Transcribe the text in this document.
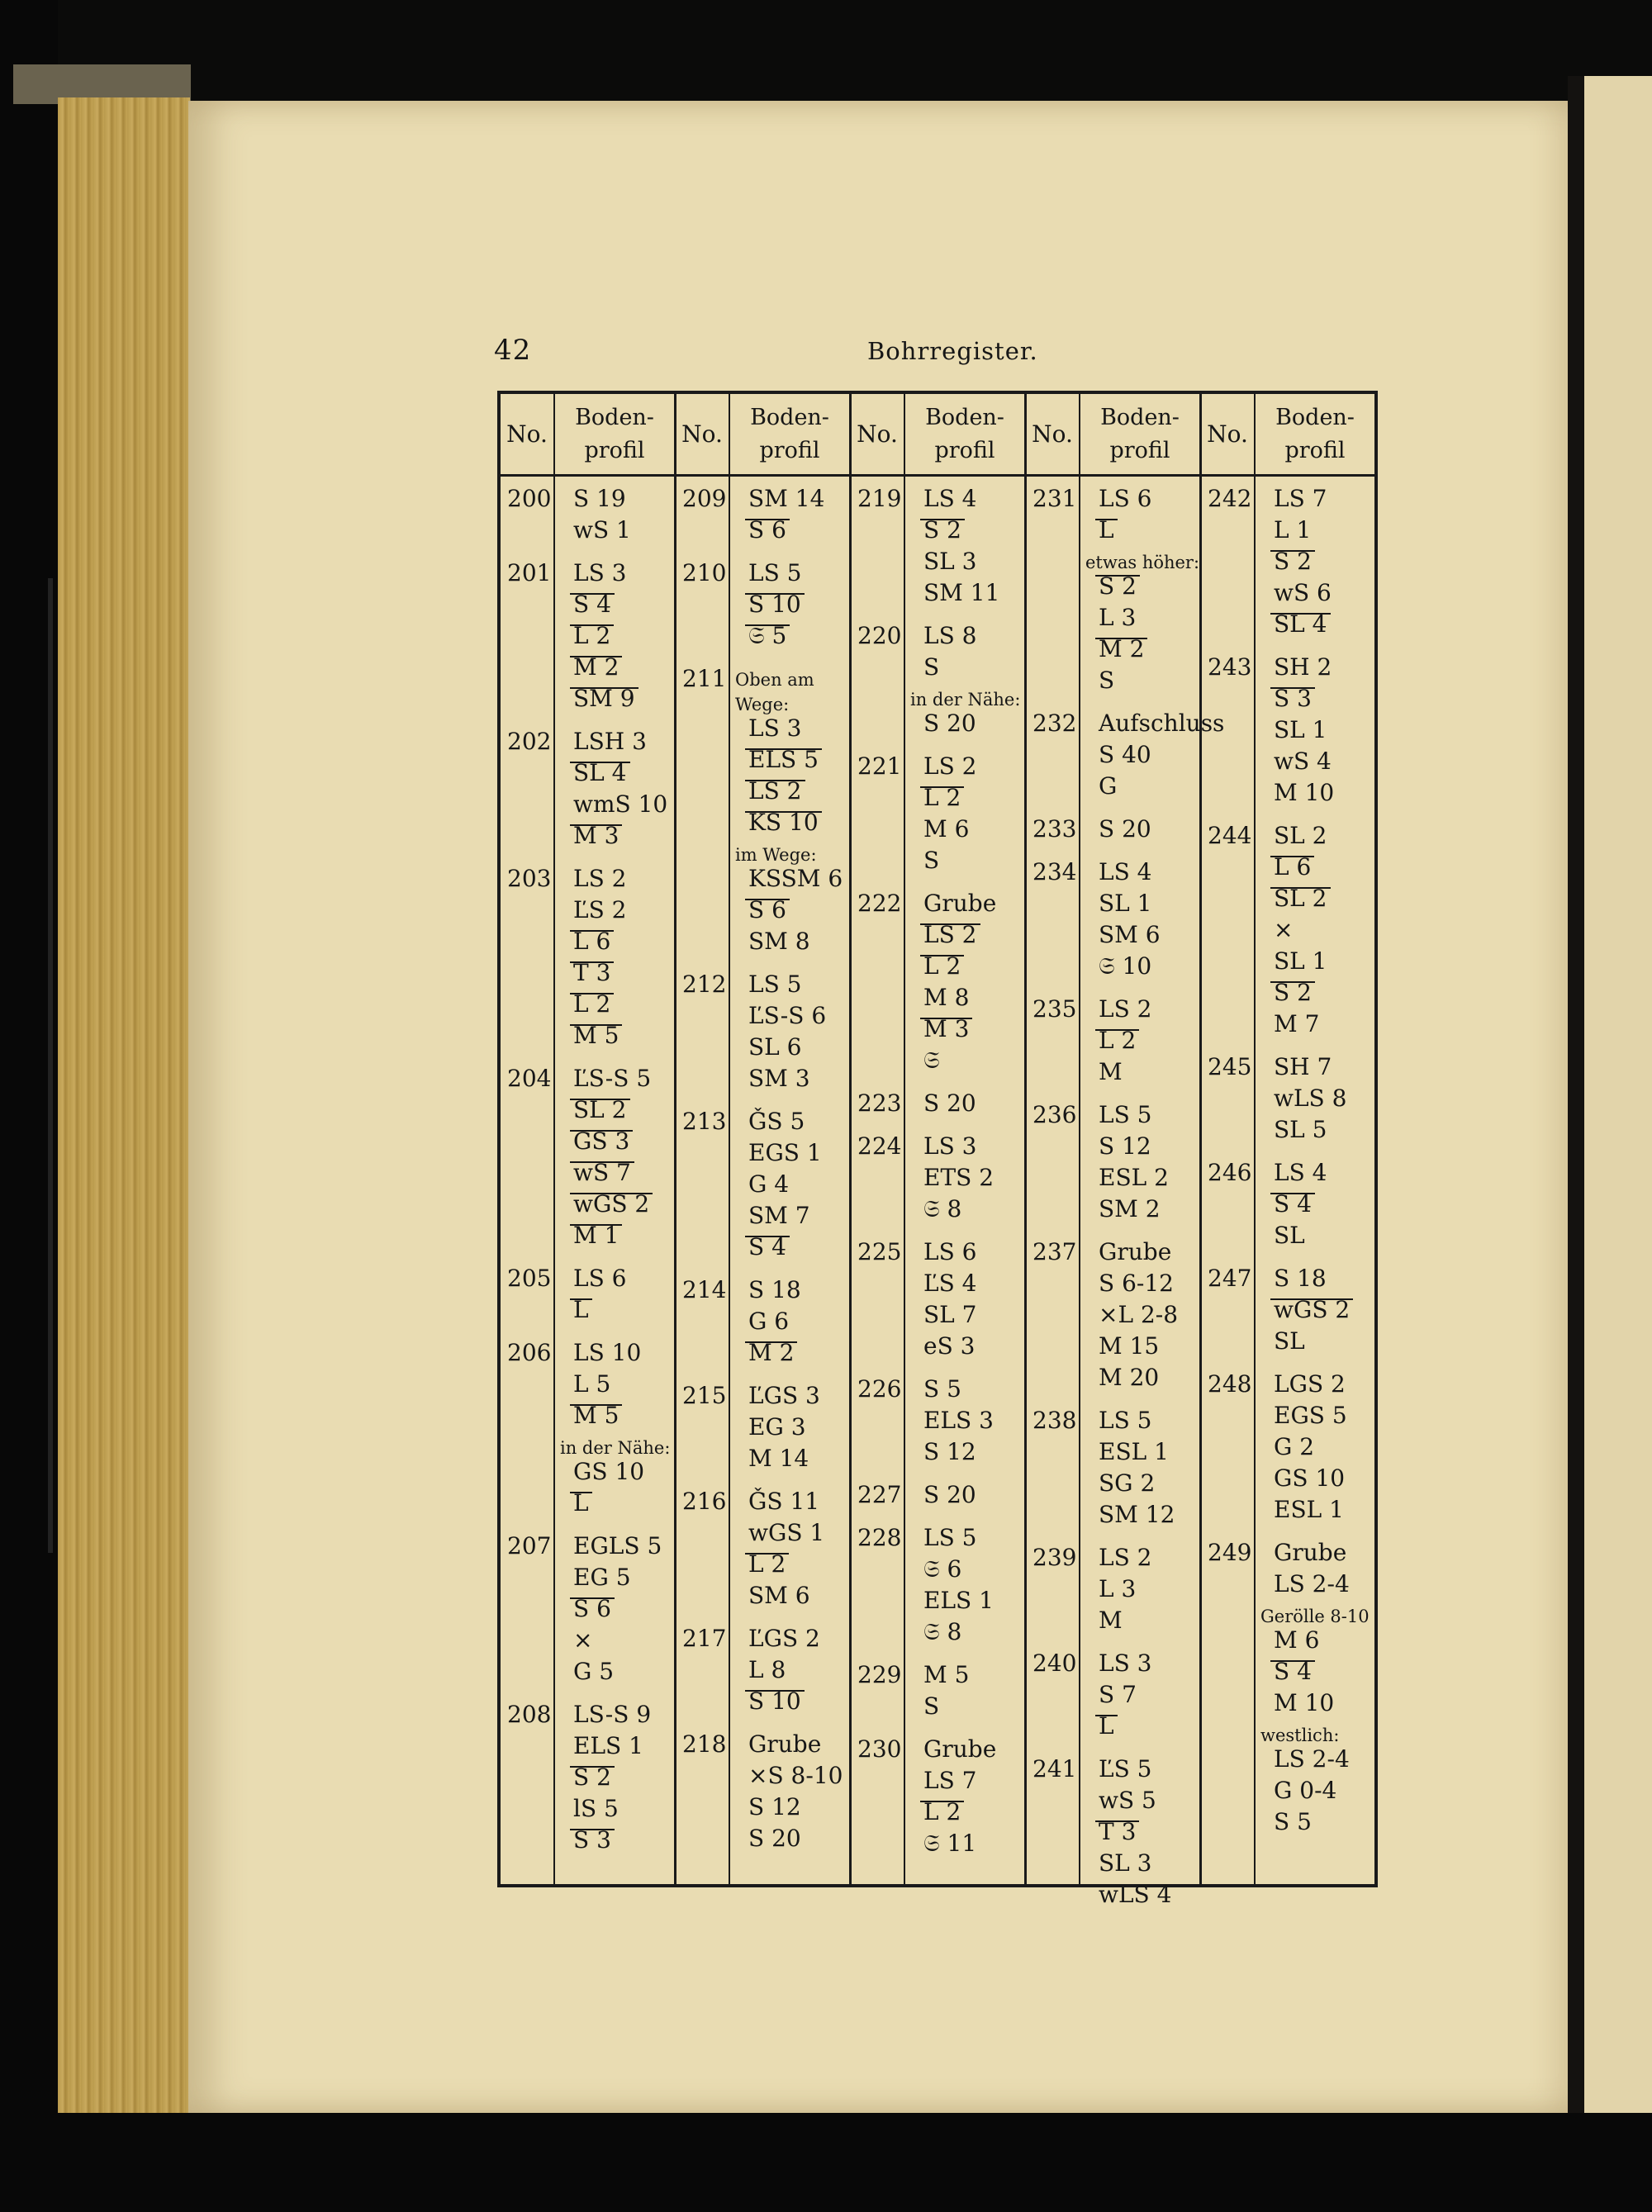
42	Bohrregister.
No.
Boden-
profil
200 S 19
wS 1
201 LS 3
S 4
L 2
M 2
SM 9
202 LSH 3
SL 4
wmS 10
M 3
203 LS 2
ĽS 2
L 6
T 3
L 2
M 5
204 ĽS-S 5
SL 2
GS 3
wS 7
wGS 2
M 1
205 LS 6
L
206 LS 10
L 5
M 5
in der Nähe:
GS 10
L
207 EGLS 5
EG 5
S 6
×
G 5
208 LS-S 9
ELS 1
S 2
lS 5
S 3
No.
Boden-
profil
209 SM 14
S 6
210 LS 5
S 10
𝔖 5
211 Oben am
Wege:
LS 3
ELS 5
LS 2
KS 10
im Wege:
KSSM 6
S 6
SM 8
212 LS 5
ĽS-S 6
SL 6
SM 3
213 ǦS 5
EGS 1
G 4
SM 7
S 4
214 S 18
G 6
M 2
215 ĽGS 3
EG 3
M 14
216 ǦS 11
wGS 1
L 2
SM 6
217 ĽGS 2
L 8
S 10
218 Grube
×S 8-10
S 12
S 20
No.
Boden-
profil
219 LS 4
S 2
SL 3
SM 11
220 LS 8
S
in der Nähe:
S 20
221 LS 2
L 2
M 6
S
222 Grube
LS 2
L 2
M 8
M 3
𝔖
223 S 20
224 LS 3
ETS 2
𝔖 8
225 LS 6
ĽS 4
SL 7
eS 3
226 S 5
ELS 3
S 12
227 S 20
228 LS 5
𝔖 6
ELS 1
𝔖 8
229 M 5
S
230 Grube
LS 7
L 2
𝔖 11
No.
Boden-
profil
231 LS 6
L
etwas höher:
S 2
L 3
M 2
S
232 Aufschluss
S 40
G
233 S 20
234 LS 4
SL 1
SM 6
𝔖 10
235 LS 2
L 2
M
236 LS 5
S 12
ESL 2
SM 2
237 Grube
S 6-12
×L 2-8
M 15
M 20
238 LS 5
ESL 1
SG 2
SM 12
239 LS 2
L 3
M
240 LS 3
S 7
L
241 ĽS 5
wS 5
T 3
SL 3
wLS 4
No.
Boden-
profil
242 LS 7
L 1
S 2
wS 6
SL 4
243 SH 2
S 3
SL 1
wS 4
M 10
244 SL 2
L 6
SL 2
×
SL 1
S 2
M 7
245 SH 7
wLS 8
SL 5
246 LS 4
S 4
SL
247 S 18
wGS 2
SL
248 LGS 2
EGS 5
G 2
GS 10
ESL 1
249 Grube
LS 2-4
Gerölle 8-10
M 6
S 4
M 10
westlich:
LS 2-4
G 0-4
S 5
